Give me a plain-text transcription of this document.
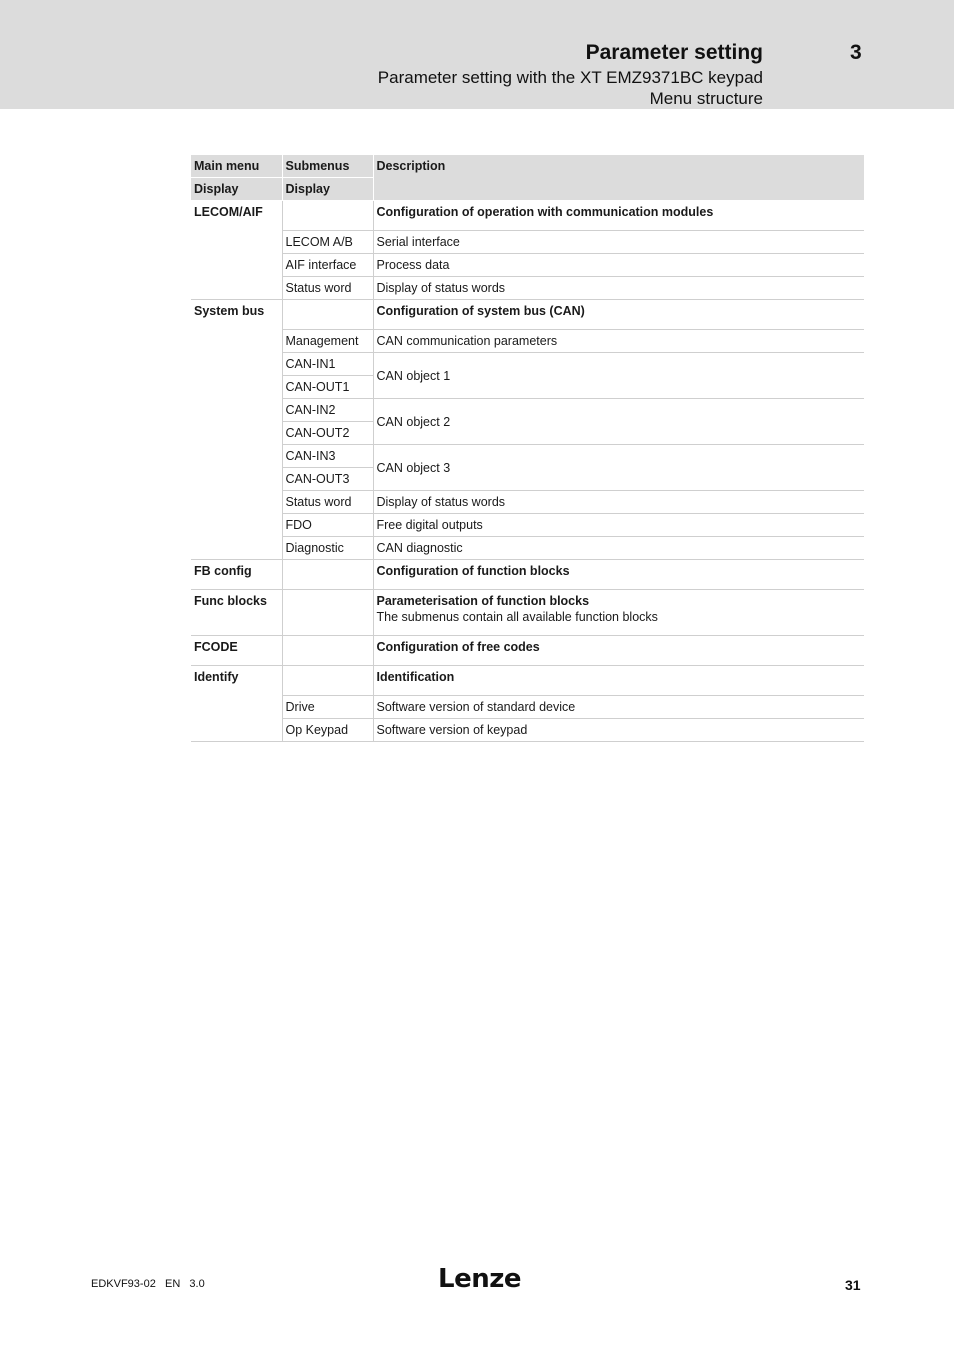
Parameter setting	3
Parameter setting with the XT EMZ9371BC keypad
Menu structure
Main menu	Submenus	Description
Display	Display	
LECOM/AIF		Configuration of operation with communication modules
	LECOM A/B	Serial interface
	AIF interface	Process data
	Status word	Display of status words
System bus		Configuration of system bus (CAN)
	Management	CAN communication parameters
	CAN-IN1	CAN object 1
	CAN-OUT1	
	CAN-IN2	CAN object 2
	CAN-OUT2	
	CAN-IN3	CAN object 3
	CAN-OUT3	
	Status word	Display of status words
	FDO	Free digital outputs
	Diagnostic	CAN diagnostic
FB config		Configuration of function blocks
Func blocks		Parameterisation of function blocks
The submenus contain all available function blocks

FCODE		Configuration of free codes
Identify		Identification
	Drive	Software version of standard device
	Op Keypad	Software version of keypad
EDKVF93-02   EN   3.0	Lenze	31
